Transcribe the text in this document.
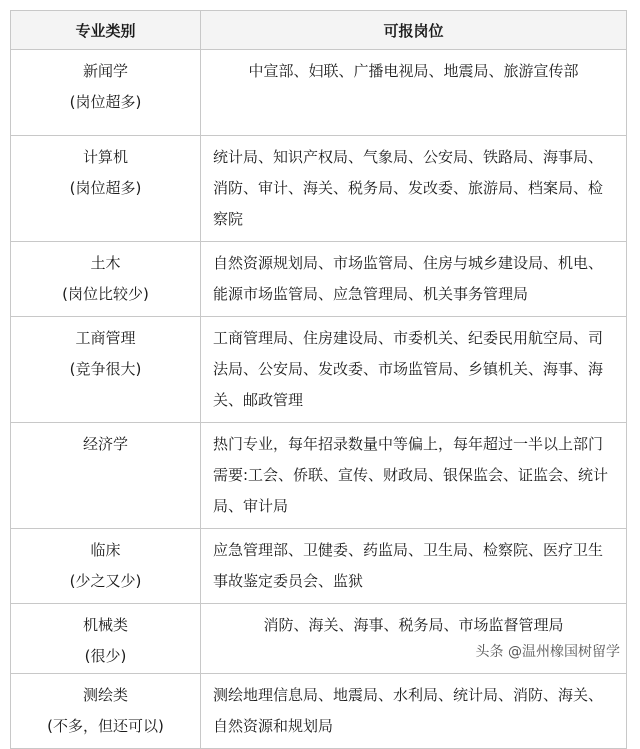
专业类别	可报岗位

新闻学
(岗位超多)	中宣部、妇联、广播电视局、地震局、旅游宣传部

计算机
(岗位超多)	统计局、知识产权局、气象局、公安局、铁路局、海事局、消防、审计、海关、税务局、发改委、旅游局、档案局、检察院

土木
(岗位比较少)	自然资源规划局、市场监管局、住房与城乡建设局、机电、能源市场监管局、应急管理局、机关事务管理局

工商管理
(竞争很大)	工商管理局、住房建设局、市委机关、纪委民用航空局、司法局、公安局、发改委、市场监管局、乡镇机关、海事、海关、邮政管理

经济学	热门专业，每年招录数量中等偏上，每年超过一半以上部门需要:工会、侨联、宣传、财政局、银保监会、证监会、统计局、审计局

临床
(少之又少)	应急管理部、卫健委、药监局、卫生局、检察院、医疗卫生事故鉴定委员会、监狱

机械类
(很少)	消防、海关、海事、税务局、市场监督管理局

测绘类
(不多，但还可以)	测绘地理信息局、地震局、水利局、统计局、消防、海关、自然资源和规划局
头条 @温州橡国树留学
